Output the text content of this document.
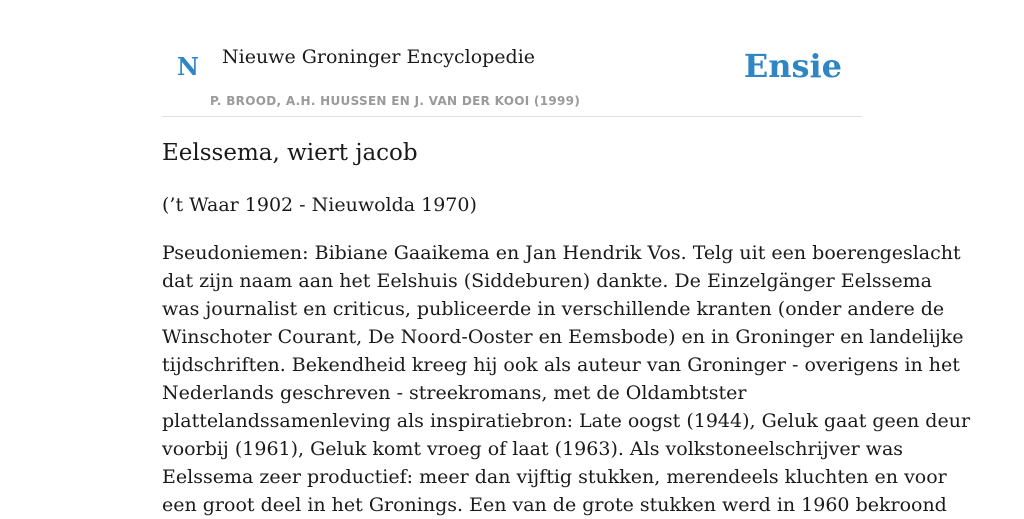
N Nieuwe Groninger Encyclopedie
P. BROOD, A.H. HUUSSEN EN J. VAN DER KOOI (1999)
Ensie
Eelssema, wiert jacob
(’t Waar 1902 - Nieuwolda 1970)
Pseudoniemen: Bibiane Gaaikema en Jan Hendrik Vos. Telg uit een boerengeslacht
dat zijn naam aan het Eelshuis (Siddeburen) dankte. De Einzelgänger Eelssema
was journalist en criticus, publiceerde in verschillende kranten (onder andere de
Winschoter Courant, De Noord-Ooster en Eemsbode) en in Groninger en landelijke
tijdschriften. Bekendheid kreeg hij ook als auteur van Groninger - overigens in het
Nederlands geschreven - streekromans, met de Oldambtster
plattelandssamenleving als inspiratiebron: Late oogst (1944), Geluk gaat geen deur
voorbij (1961), Geluk komt vroeg of laat (1963). Als volkstoneelschrijver was
Eelssema zeer productief: meer dan vijftig stukken, merendeels kluchten en voor
een groot deel in het Gronings. Een van de grote stukken werd in 1960 bekroond
